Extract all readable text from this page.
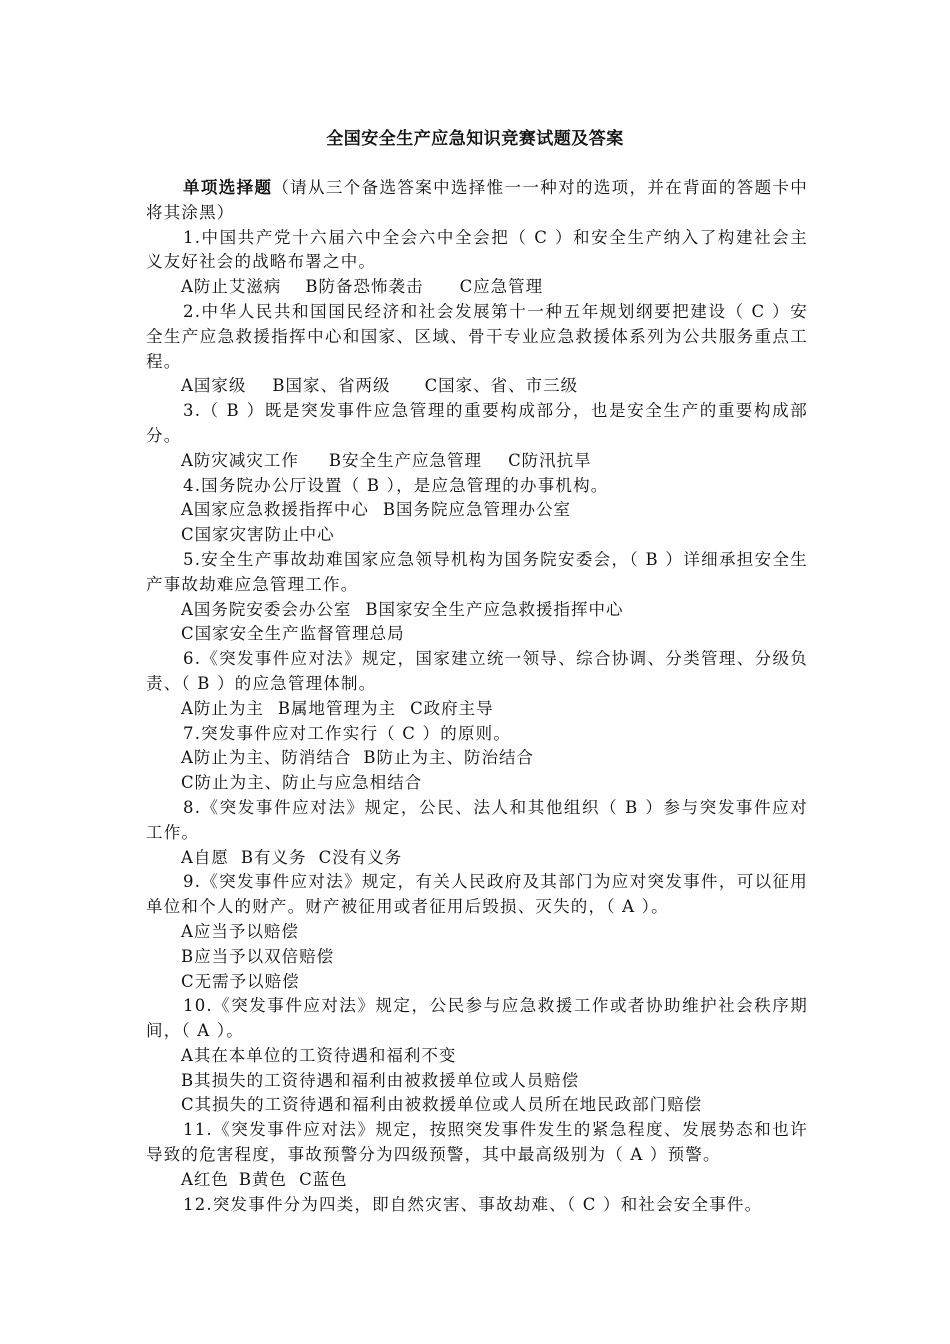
全国安全生产应急知识竞赛试题及答案

单项选择题（请从三个备选答案中选择惟一一种对的选项，并在背面的答题卡中将其涂黑）

1.中国共产党十六届六中全会六中全会把（ C ）和安全生产纳入了构建社会主义友好社会的战略布署之中。

A防止艾滋病 B防备恐怖袭击 C应急管理

2.中华人民共和国国民经济和社会发展第十一种五年规划纲要把建设（ C ）安全生产应急救援指挥中心和国家、区域、骨干专业应急救援体系列为公共服务重点工程。

A国家级 B国家、省两级 C国家、省、市三级

3.（ B ）既是突发事件应急管理的重要构成部分，也是安全生产的重要构成部分。

A防灾减灾工作 B安全生产应急管理 C防汛抗旱

4.国务院办公厅设置（ B ），是应急管理的办事机构。

A国家应急救援指挥中心 B国务院应急管理办公室
C国家灾害防止中心

5.安全生产事故劫难国家应急领导机构为国务院安委会，（ B ）详细承担安全生产事故劫难应急管理工作。

A国务院安委会办公室 B国家安全生产应急救援指挥中心
C国家安全生产监督管理总局

6.《突发事件应对法》规定，国家建立统一领导、综合协调、分类管理、分级负责、（ B ）的应急管理体制。

A防止为主 B属地管理为主 C政府主导

7.突发事件应对工作实行（ C ）的原则。

A防止为主、防消结合 B防止为主、防治结合
C防止为主、防止与应急相结合

8.《突发事件应对法》规定，公民、法人和其他组织（ B ）参与突发事件应对工作。

A自愿 B有义务 C没有义务

9.《突发事件应对法》规定，有关人民政府及其部门为应对突发事件，可以征用单位和个人的财产。财产被征用或者征用后毁损、灭失的，（ A ）。

A应当予以赔偿
B应当予以双倍赔偿
C无需予以赔偿

10.《突发事件应对法》规定，公民参与应急救援工作或者协助维护社会秩序期间，（ A ）。

A其在本单位的工资待遇和福利不变
B其损失的工资待遇和福利由被救援单位或人员赔偿
C其损失的工资待遇和福利由被救援单位或人员所在地民政部门赔偿

11.《突发事件应对法》规定，按照突发事件发生的紧急程度、发展势态和也许导致的危害程度，事故预警分为四级预警，其中最高级别为（ A ）预警。

A红色 B黄色 C蓝色

12.突发事件分为四类，即自然灾害、事故劫难、（ C ）和社会安全事件。
